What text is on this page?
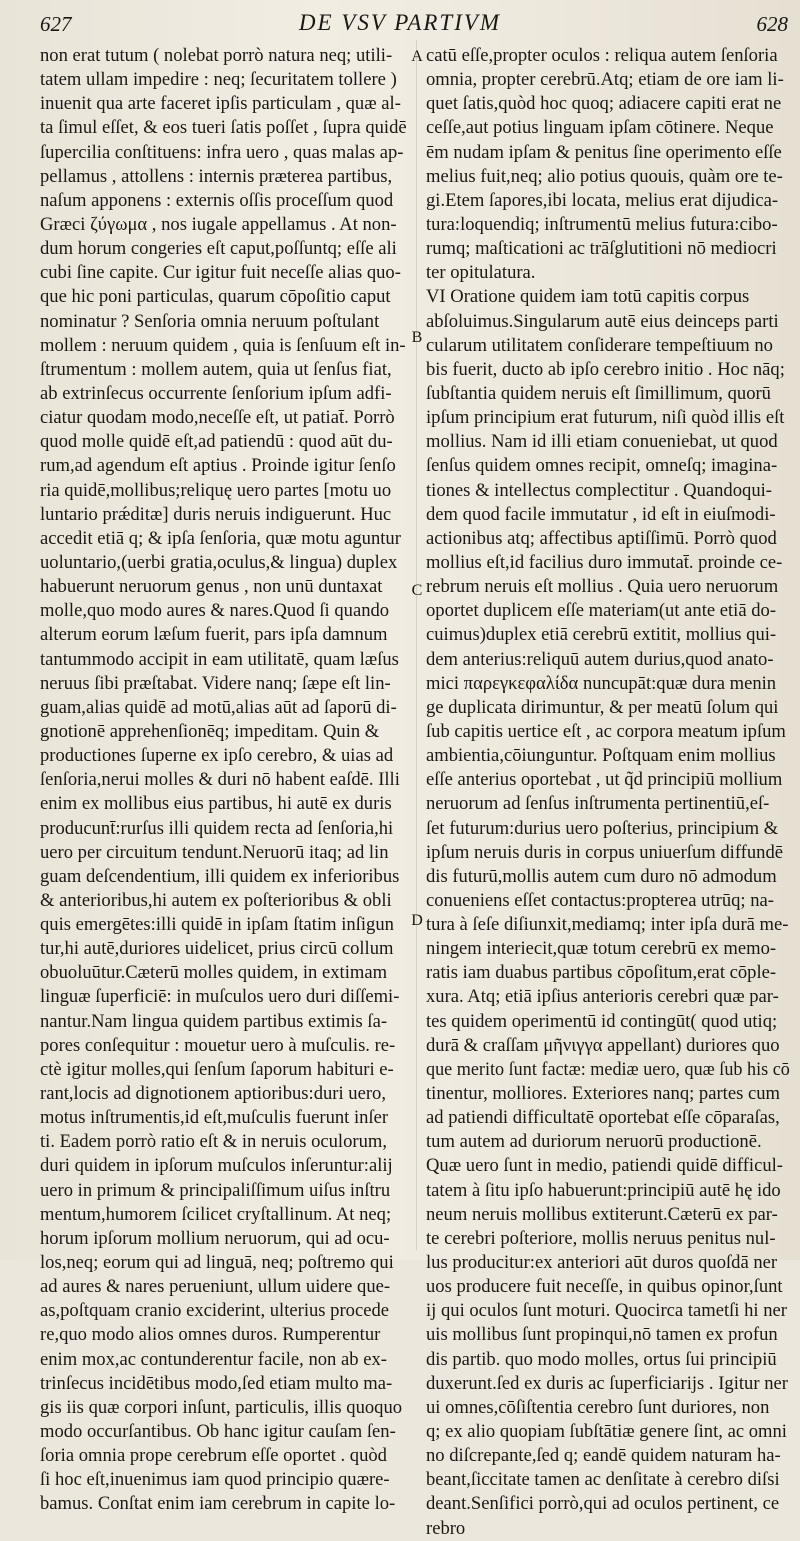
627	DE VSV PARTIVM	628
non erat tutum ( nolebat porrò natura neq; utili-
tatem ullam impedire : neq; ſecuritatem tollere )
inuenit qua arte faceret ipſis particulam , quæ al-
ta ſimul eſſet, & eos tueri ſatis poſſet , ſupra quidē
ſupercilia conſtituens: infra uero , quas malas ap-
pellamus , attollens : internis præterea partibus,
naſum apponens : externis oſſis proceſſum quod
Græci ζύγωμα , nos iugale appellamus . At non-
dum horum congeries eſt caput,poſſuntq; eſſe ali
cubi ſine capite. Cur igitur fuit neceſſe alias quo-
que hic poni particulas, quarum cōpoſitio caput
nominatur ? Senſoria omnia neruum poſtulant
mollem : neruum quidem , quia is ſenſuum eſt in-
ſtrumentum : mollem autem, quia ut ſenſus fiat,
ab extrinſecus occurrente ſenſorium ipſum adfi-
ciatur quodam modo,neceſſe eſt, ut patiat̄. Porrò
quod molle quidē eſt,ad patiendū : quod aūt du-
rum,ad agendum eſt aptius . Proinde igitur ſenſo
ria quidē,mollibus;reliquę uero partes [motu uo
luntario prǽditæ] duris neruis indiguerunt. Huc
accedit etiā q; & ipſa ſenſoria, quæ motu aguntur
uoluntario,(uerbi gratia,oculus,& lingua) duplex
habuerunt neruorum genus , non unū duntaxat
molle,quo modo aures & nares.Quod ſi quando
alterum eorum læſum fuerit, pars ipſa damnum
tantummodo accipit in eam utilitatē, quam læſus
neruus ſibi præſtabat. Videre nanq; ſæpe eſt lin-
guam,alias quidē ad motū,alias aūt ad ſaporū di-
gnotionē apprehenſionēq; impeditam. Quin &
productiones ſuperne ex ipſo cerebro, & uias ad
ſenſoria,nerui molles & duri nō habent eaſdē. Illi
enim ex mollibus eius partibus, hi autē ex duris
producunt̄:rurſus illi quidem recta ad ſenſoria,hi
uero per circuitum tendunt.Neruorū itaq; ad lin
guam deſcendentium, illi quidem ex inferioribus
& anterioribus,hi autem ex poſterioribus & obli
quis emergētes:illi quidē in ipſam ſtatim inſigun
tur,hi autē,duriores uidelicet, prius circū collum
obuoluūtur.Cæterū molles quidem, in extimam
linguæ ſuperficiē: in muſculos uero duri diſſemi-
nantur.Nam lingua quidem partibus extimis ſa-
pores conſequitur : mouetur uero à muſculis. re-
ctè igitur molles,qui ſenſum ſaporum habituri e-
rant,locis ad dignotionem aptioribus:duri uero,
motus inſtrumentis,id eſt,muſculis fuerunt inſer
ti. Eadem porrò ratio eſt & in neruis oculorum,
duri quidem in ipſorum muſculos inſeruntur:alij
uero in primum & principaliſſimum uiſus inſtru
mentum,humorem ſcilicet cryſtallinum. At neq;
horum ipſorum mollium neruorum, qui ad ocu-
los,neq; eorum qui ad linguā, neq; poſtremo qui
ad aures & nares perueniunt, ullum uidere que-
as,poſtquam cranio exciderint, ulterius procede
re,quo modo alios omnes duros. Rumperentur
enim mox,ac contunderentur facile, non ab ex-
trinſecus incidētibus modo,ſed etiam multo ma-
gis iis quæ corpori inſunt, particulis, illis quoquo
modo occurſantibus. Ob hanc igitur cauſam ſen-
ſoria omnia prope cerebrum eſſe oportet . quòd
ſi hoc eſt,inuenimus iam quod principio quære-
bamus. Conſtat enim iam cerebrum in capite lo-
catū eſſe,propter oculos : reliqua autem ſenſoria
omnia, propter cerebrū.Atq; etiam de ore iam li-
quet ſatis,quòd hoc quoq; adiacere capiti erat ne
ceſſe,aut potius linguam ipſam cōtinere. Neque
ēm nudam ipſam & penitus ſine operimento eſſe
melius fuit,neq; alio potius quouis, quàm ore te-
gi.Etem ſapores,ibi locata, melius erat dijudica-
tura:loquendiq; inſtrumentū melius futura:cibo-
rumq; maſticationi ac trāſglutitioni nō mediocri
ter opitulatura.
VI Oratione quidem iam totū capitis corpus
abſoluimus.Singularum autē eius deinceps parti
cularum utilitatem conſiderare tempeſtiuum no
bis fuerit, ducto ab ipſo cerebro initio . Hoc nāq;
ſubſtantia quidem neruis eſt ſimillimum, quorū
ipſum principium erat futurum, niſi quòd illis eſt
mollius. Nam id illi etiam conueniebat, ut quod
ſenſus quidem omnes recipit, omneſq; imagina-
tiones & intellectus complectitur . Quandoqui-
dem quod facile immutatur , id eſt in eiuſmodi-
actionibus atq; affectibus aptiſſimū. Porrò quod
mollius eſt,id facilius duro immutat̄. proinde ce-
rebrum neruis eſt mollius . Quia uero neruorum
oportet duplicem eſſe materiam(ut ante etiā do-
cuimus)duplex etiā cerebrū extitit, mollius qui-
dem anterius:reliquū autem durius,quod anato-
mici παρεγκεφαλίδα nuncupāt:quæ dura menin
ge duplicata dirimuntur, & per meatū ſolum qui
ſub capitis uertice eſt , ac corpora meatum ipſum
ambientia,cōiunguntur. Poſtquam enim mollius
eſſe anterius oportebat , ut q̃d principiū mollium
neruorum ad ſenſus inſtrumenta pertinentiū,eſ-
ſet futurum:durius uero poſterius, principium &
ipſum neruis duris in corpus uniuerſum diffundē
dis futurū,mollis autem cum duro nō admodum
conueniens eſſet contactus:propterea utrūq; na-
tura à ſeſe diſiunxit,mediamq; inter ipſa durā me-
ningem interiecit,quæ totum cerebrū ex memo-
ratis iam duabus partibus cōpoſitum,erat cōple-
xura. Atq; etiā ipſius anterioris cerebri quæ par-
tes quidem operimentū id contingūt( quod utiq;
durā & craſſam μῆνιγγα appellant) duriores quo
que merito ſunt factæ: mediæ uero, quæ ſub his cō
tinentur, molliores. Exteriores nanq; partes cum
ad patiendi difficultatē oportebat eſſe cōparaſas,
tum autem ad duriorum neruorū productionē.
Quæ uero ſunt in medio, patiendi quidē difficul-
tatem à ſitu ipſo habuerunt:principiū autē hę ido
neum neruis mollibus extiterunt.Cæterū ex par-
te cerebri poſteriore, mollis neruus penitus nul-
lus producitur:ex anteriori aūt duros quoſdā ner
uos producere fuit neceſſe, in quibus opinor,ſunt
ij qui oculos ſunt moturi. Quocirca tametſi hi ner
uis mollibus ſunt propinqui,nō tamen ex profun
dis partib. quo modo molles, ortus ſui principiū
duxerunt.ſed ex duris ac ſuperficiarijs . Igitur ner
ui omnes,cōſiſtentia cerebro ſunt duriores, non
q; ex alio quopiam ſubſtātiæ genere ſint, ac omni
no diſcrepante,ſed q; eandē quidem naturam ha-
beant,ſiccitate tamen ac denſitate à cerebro diſsi
deant.Senſifici porrò,qui ad oculos pertinent, ce
rebro
A
B
C
D
